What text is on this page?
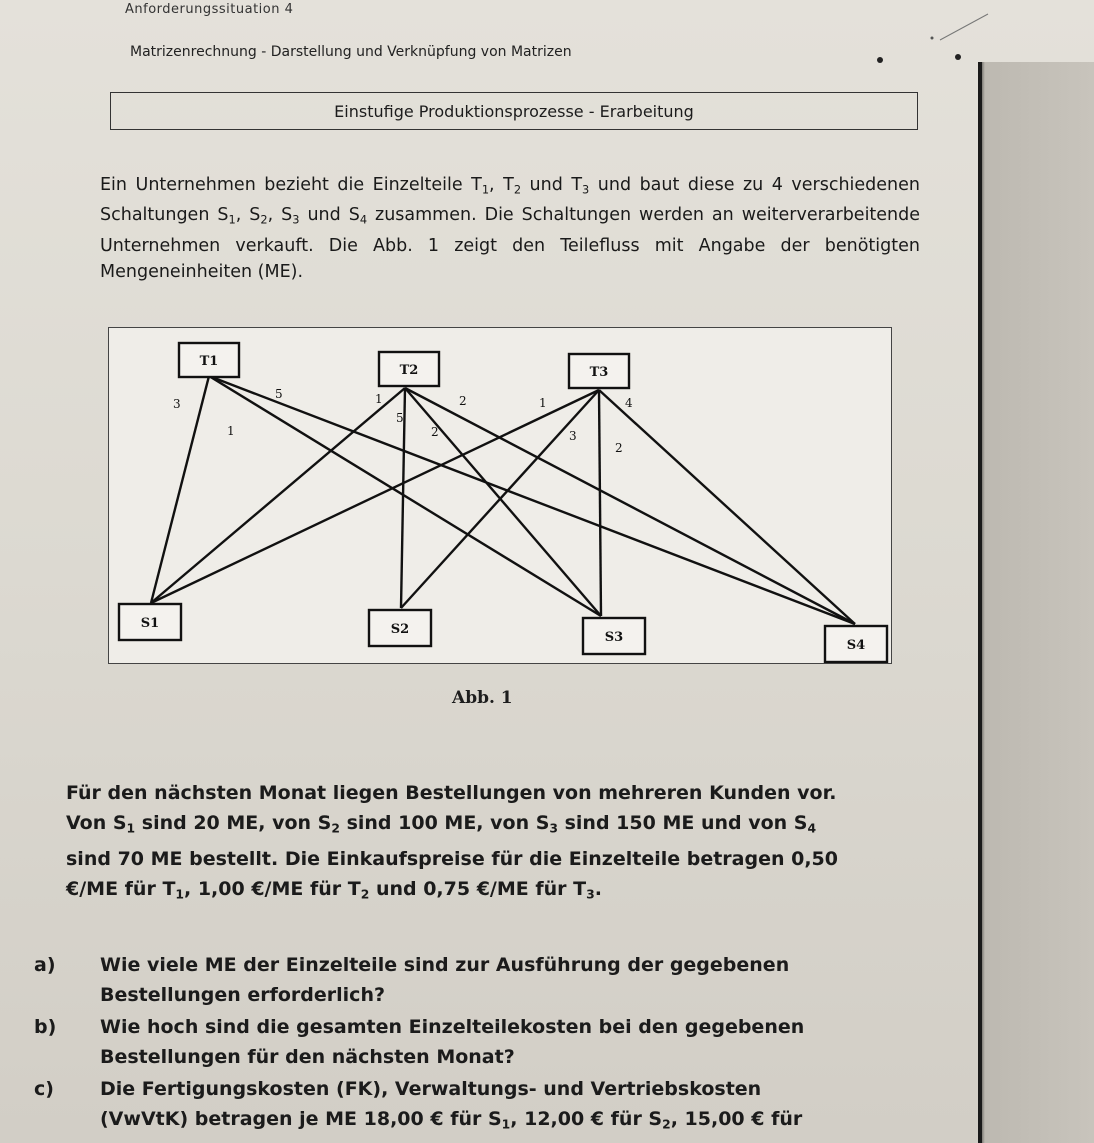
Anforderungssituation 4
Matrizenrechnung - Darstellung und Verknüpfung von Matrizen
Einstufige Produktionsprozesse - Erarbeitung
Ein Unternehmen bezieht die Einzelteile $T_1$, $T_2$ und $T_3$ und baut diese zu 4 verschiedenen Schaltungen $S_1$, $S_2$, $S_3$ und $S_4$ zusammen. Die Schaltungen werden an weiterverarbeitende Unternehmen verkauft. Die Abb. 1 zeigt den Teilefluss mit Angabe der benötigten Mengeneinheiten (ME).
3
1
5	1
5
2
2	1
3
2
4
T1
T2	T3
S1	S2
S3
S4
Abb. 1
Für den nächsten Monat liegen Bestellungen von mehreren Kunden vor.
Von $S_1$ sind 20 ME, von $S_2$ sind 100 ME, von $S_3$ sind 150 ME und von $S_4$
sind 70 ME bestellt. Die Einkaufspreise für die Einzelteile betragen 0,50
€/ME für $T_1$, 1,00 €/ME für $T_2$ und 0,75 €/ME für $T_3$.
a) Wie viele ME der Einzelteile sind zur Ausführung der gegebenen
Bestellungen erforderlich?
b) Wie hoch sind die gesamten Einzelteilekosten bei den gegebenen
Bestellungen für den nächsten Monat?
c) Die Fertigungskosten (FK), Verwaltungs- und Vertriebskosten
(VwVtK) betragen je ME 18,00 € für $S_1$, 12,00 € für $S_2$, 15,00 € für
